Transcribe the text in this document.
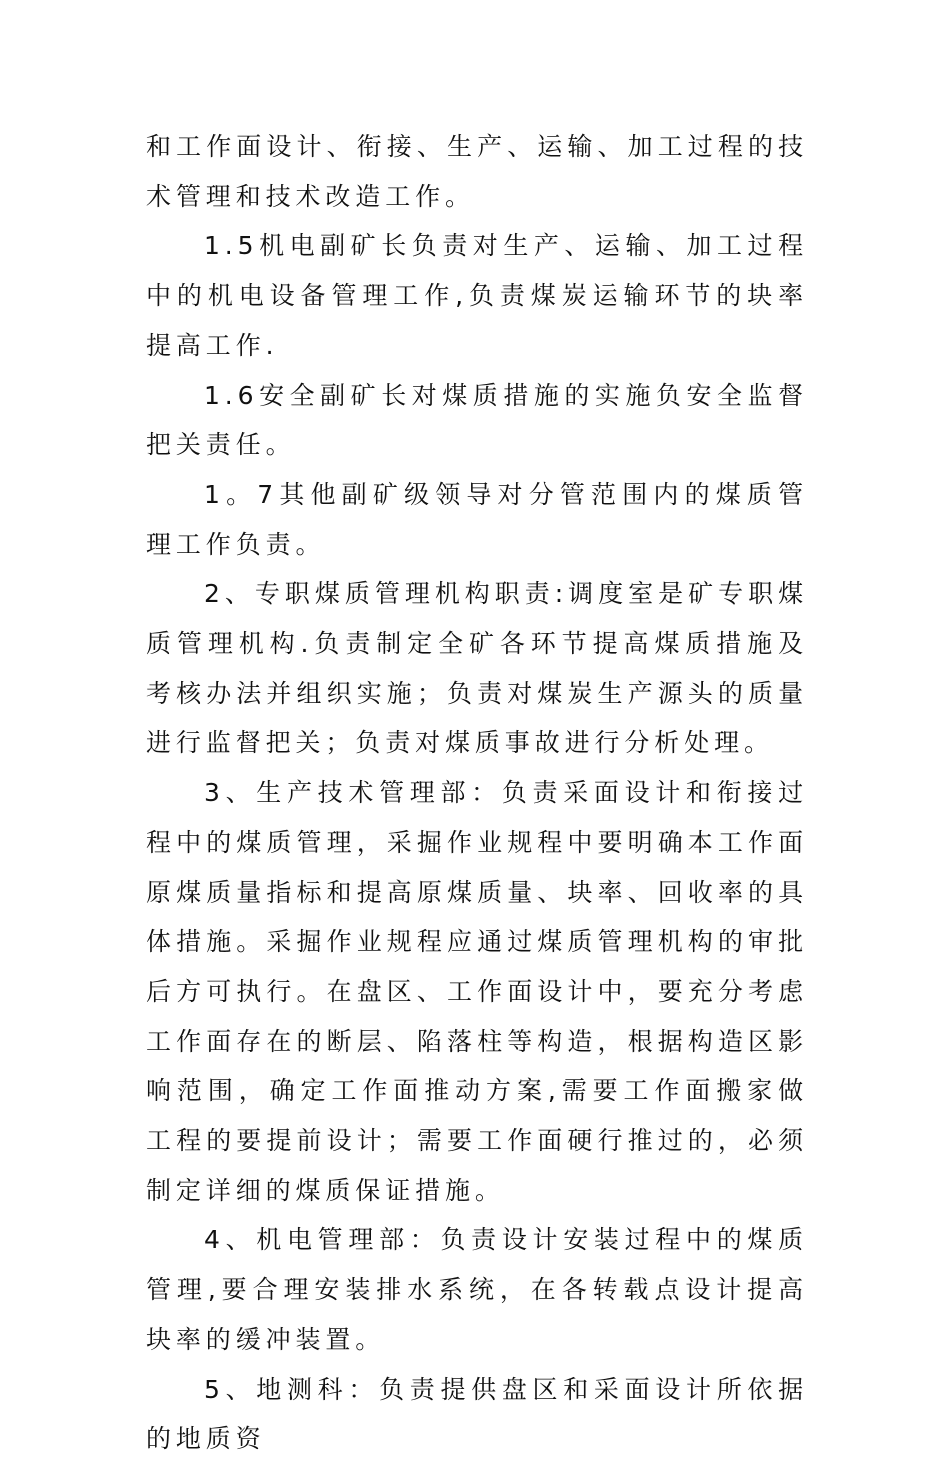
和工作面设计、衔接、生产、运输、加工过程的技术管理和技术改造工作。

1.5机电副矿长负责对生产、运输、加工过程中的机电设备管理工作,负责煤炭运输环节的块率提高工作.

1.6安全副矿长对煤质措施的实施负安全监督把关责任。

1。7其他副矿级领导对分管范围内的煤质管理工作负责。

2、专职煤质管理机构职责:调度室是矿专职煤质管理机构.负责制定全矿各环节提高煤质措施及考核办法并组织实施；负责对煤炭生产源头的质量进行监督把关；负责对煤质事故进行分析处理。

3、生产技术管理部：负责采面设计和衔接过程中的煤质管理，采掘作业规程中要明确本工作面原煤质量指标和提高原煤质量、块率、回收率的具体措施。采掘作业规程应通过煤质管理机构的审批后方可执行。在盘区、工作面设计中，要充分考虑工作面存在的断层、陷落柱等构造，根据构造区影响范围，确定工作面推动方案,需要工作面搬家做工程的要提前设计；需要工作面硬行推过的，必须制定详细的煤质保证措施。

4、机电管理部：负责设计安装过程中的煤质管理,要合理安装排水系统，在各转载点设计提高块率的缓冲装置。

5、地测科：负责提供盘区和采面设计所依据的地质资
